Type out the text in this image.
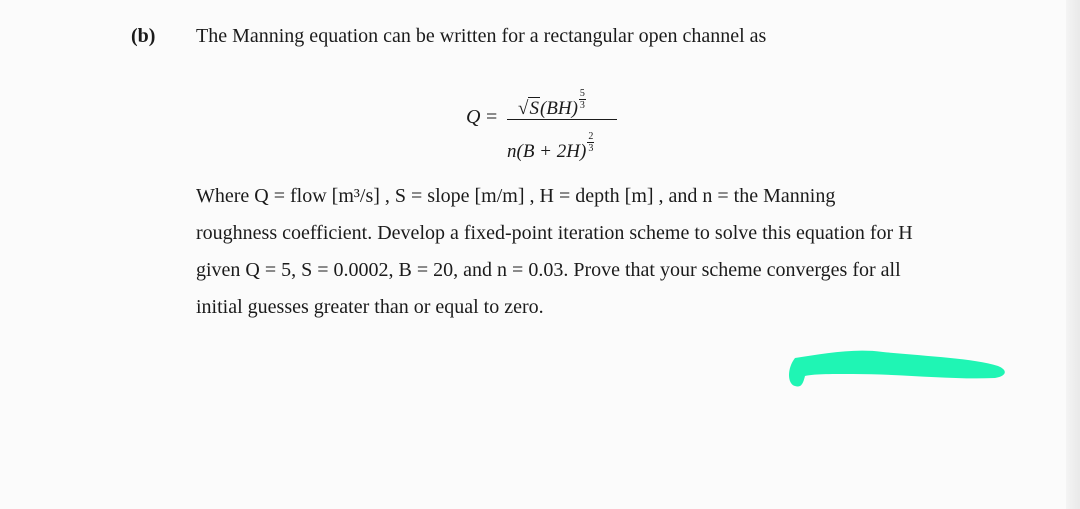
(b) The Manning equation can be written for a rectangular open channel as
$Q = √S(BH) \frac{5}{3}$
$n(B + 2H) \frac{2}{3}$
Where Q = flow [m³/s] , S = slope [m/m] , H = depth [m] , and n = the Manning
roughness coefficient. Develop a fixed-point iteration scheme to solve this equation for H
given Q = 5, S = 0.0002, B = 20, and n = 0.03. Prove that your scheme converges for all
initial guesses greater than or equal to zero.
